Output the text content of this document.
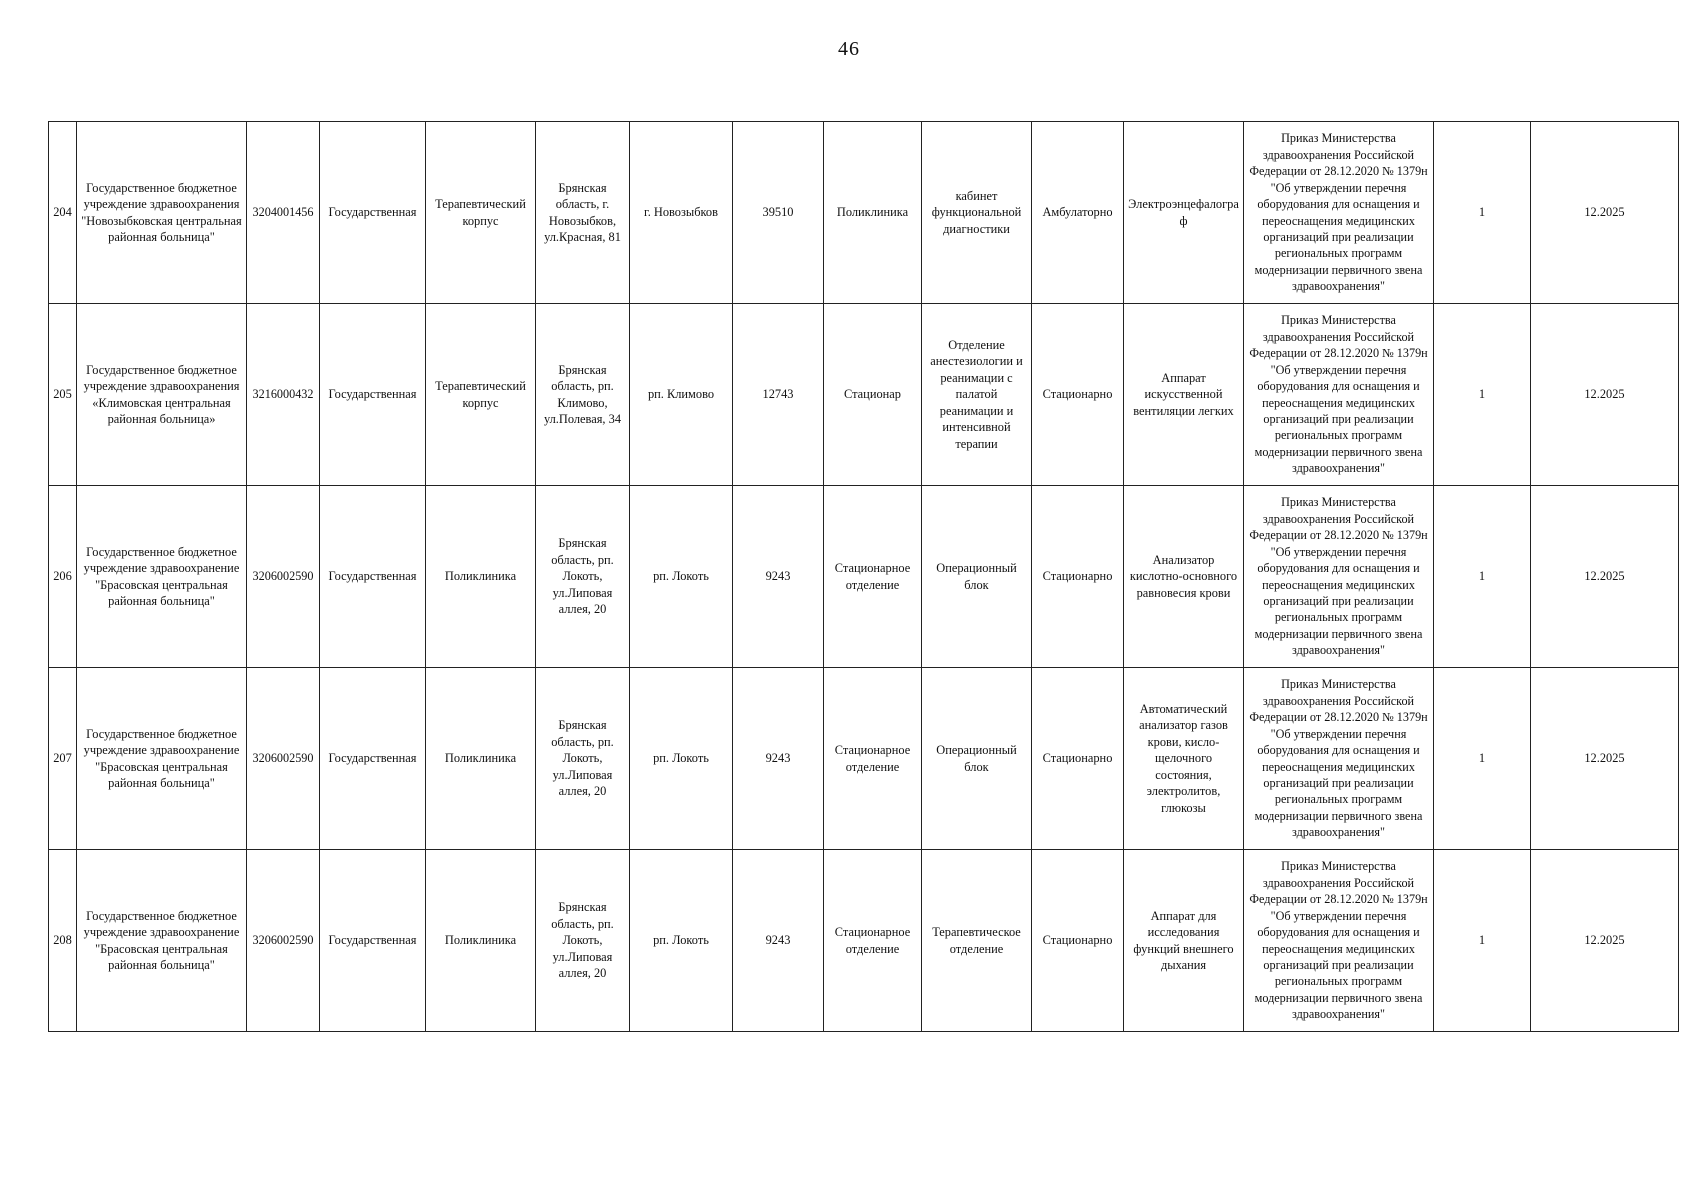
46
204	Государственное бюджетное учреждение здравоохранения "Новозыбковская центральная районная больница"	3204001456	Государственная	Терапевтический корпус	Брянская область, г. Новозыбков, ул.Красная, 81	г. Новозыбков	39510	Поликлиника	кабинет функциональной диагностики	Амбулаторно	Электроэнцефалограф	Приказ Министерства здравоохранения Российской Федерации от 28.12.2020 № 1379н "Об утверждении перечня оборудования для оснащения и переоснащения медицинских организаций при реализации региональных программ модернизации первичного звена здравоохранения"	1	12.2025
205	Государственное бюджетное учреждение здравоохранения «Климовская центральная районная больница»	3216000432	Государственная	Терапевтический корпус	Брянская область, рп. Климово, ул.Полевая, 34	рп. Климово	12743	Стационар	Отделение анестезиологии и реанимации с палатой реанимации и интенсивной терапии	Стационарно	Аппарат искусственной вентиляции легких	Приказ Министерства здравоохранения Российской Федерации от 28.12.2020 № 1379н "Об утверждении перечня оборудования для оснащения и переоснащения медицинских организаций при реализации региональных программ модернизации первичного звена здравоохранения"	1	12.2025
206	Государственное бюджетное учреждение здравоохранение "Брасовская центральная районная больница"	3206002590	Государственная	Поликлиника	Брянская область, рп. Локоть, ул.Липовая аллея, 20	рп. Локоть	9243	Стационарное отделение	Операционный блок	Стационарно	Анализатор кислотно-основного равновесия крови	Приказ Министерства здравоохранения Российской Федерации от 28.12.2020 № 1379н "Об утверждении перечня оборудования для оснащения и переоснащения медицинских организаций при реализации региональных программ модернизации первичного звена здравоохранения"	1	12.2025
207	Государственное бюджетное учреждение здравоохранение "Брасовская центральная районная больница"	3206002590	Государственная	Поликлиника	Брянская область, рп. Локоть, ул.Липовая аллея, 20	рп. Локоть	9243	Стационарное отделение	Операционный блок	Стационарно	Автоматический анализатор газов крови, кисло-щелочного состояния, электролитов, глюкозы	Приказ Министерства здравоохранения Российской Федерации от 28.12.2020 № 1379н "Об утверждении перечня оборудования для оснащения и переоснащения медицинских организаций при реализации региональных программ модернизации первичного звена здравоохранения"	1	12.2025
208	Государственное бюджетное учреждение здравоохранение "Брасовская центральная районная больница"	3206002590	Государственная	Поликлиника	Брянская область, рп. Локоть, ул.Липовая аллея, 20	рп. Локоть	9243	Стационарное отделение	Терапевтическое отделение	Стационарно	Аппарат для исследования функций внешнего дыхания	Приказ Министерства здравоохранения Российской Федерации от 28.12.2020 № 1379н "Об утверждении перечня оборудования для оснащения и переоснащения медицинских организаций при реализации региональных программ модернизации первичного звена здравоохранения"	1	12.2025
